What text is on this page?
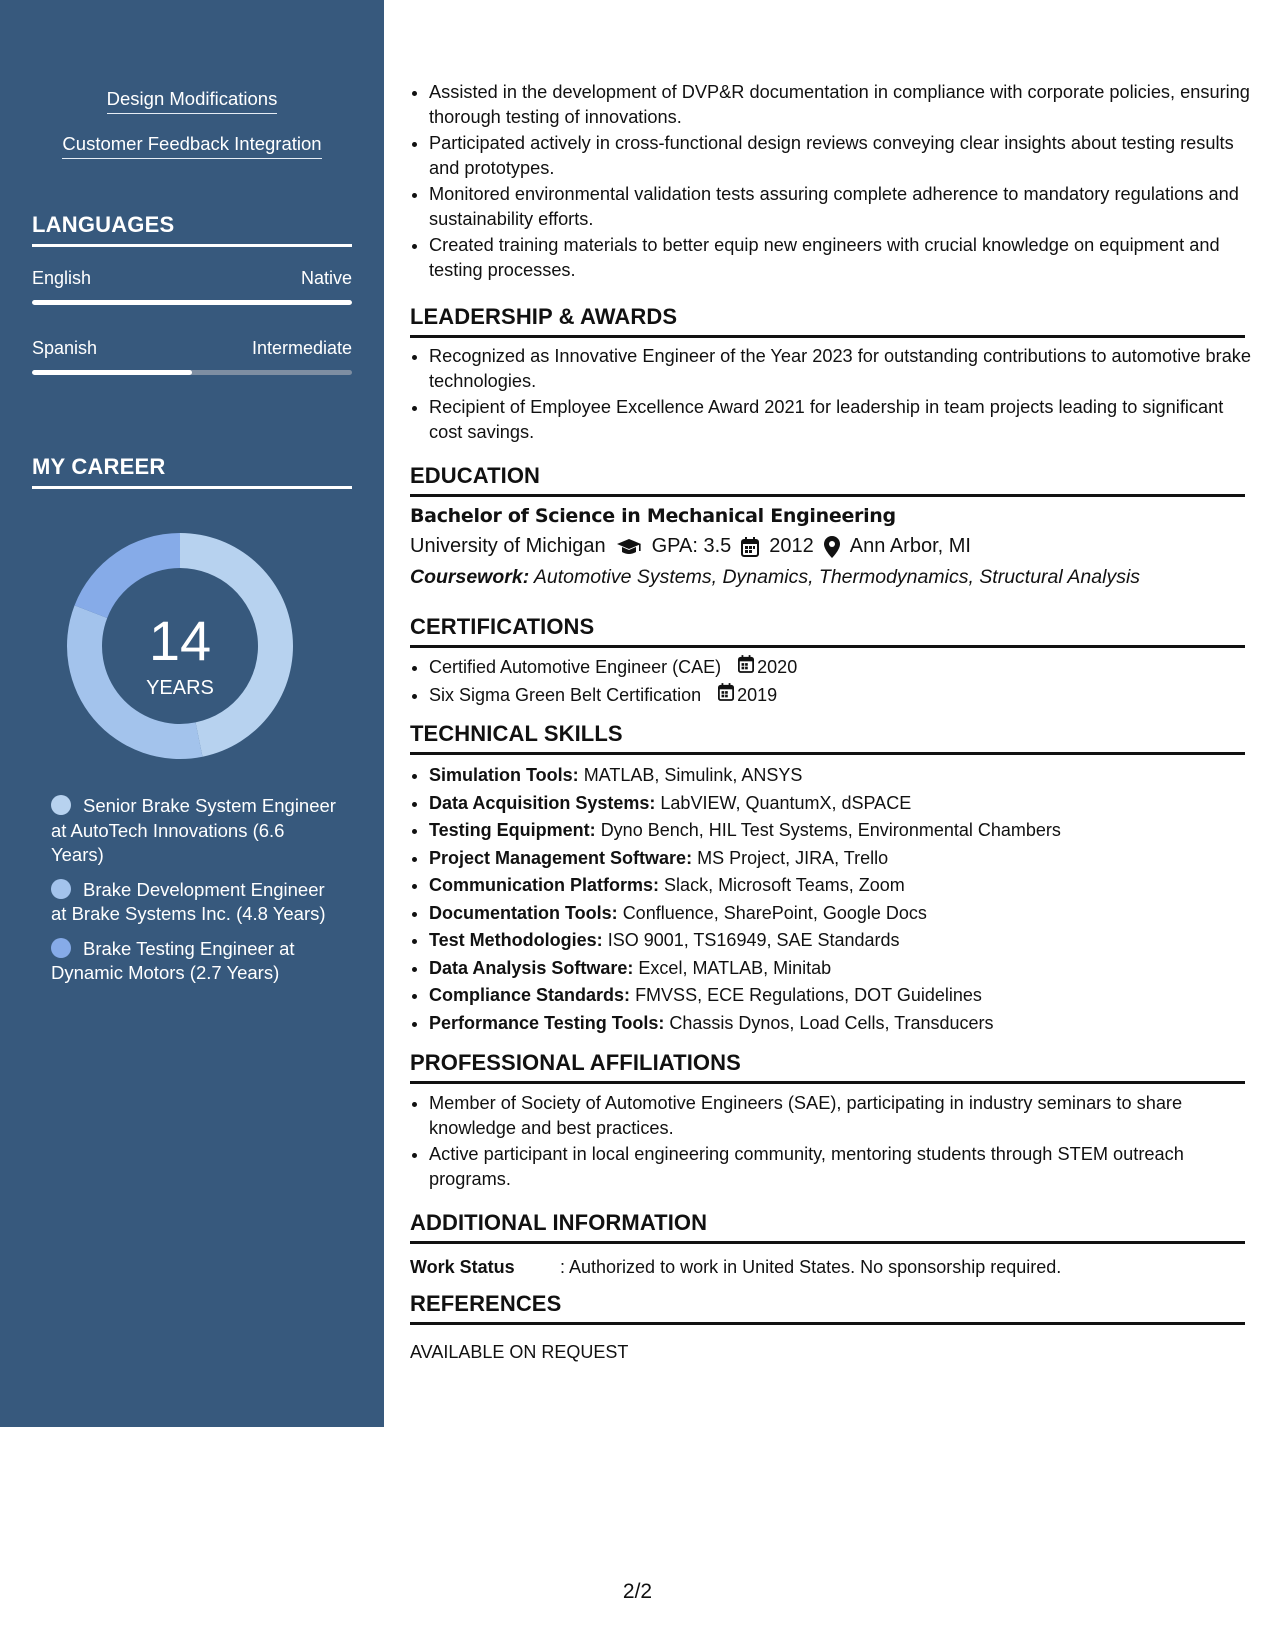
Design Modifications
Customer Feedback Integration
LANGUAGES
English	Native
Spanish	Intermediate
MY CAREER
14
YEARS
Senior Brake System Engineer at AutoTech Innovations (6.6 Years)
Brake Development Engineer at Brake Systems Inc. (4.8 Years)
Brake Testing Engineer at Dynamic Motors (2.7 Years)
• Assisted in the development of DVP&R documentation in compliance with corporate policies, ensuring thorough testing of innovations.
• Participated actively in cross-functional design reviews conveying clear insights about testing results and prototypes.
• Monitored environmental validation tests assuring complete adherence to mandatory regulations and sustainability efforts.
• Created training materials to better equip new engineers with crucial knowledge on equipment and testing processes.
LEADERSHIP & AWARDS
• Recognized as Innovative Engineer of the Year 2023 for outstanding contributions to automotive brake technologies.
• Recipient of Employee Excellence Award 2021 for leadership in team projects leading to significant cost savings.
EDUCATION
Bachelor of Science in Mechanical Engineering
University of Michigan GPA: 3.5 2012 Ann Arbor, MI
Coursework: Automotive Systems, Dynamics, Thermodynamics, Structural Analysis
CERTIFICATIONS
• Certified Automotive Engineer (CAE) 2020
• Six Sigma Green Belt Certification 2019
TECHNICAL SKILLS
• Simulation Tools: MATLAB, Simulink, ANSYS
• Data Acquisition Systems: LabVIEW, QuantumX, dSPACE
• Testing Equipment: Dyno Bench, HIL Test Systems, Environmental Chambers
• Project Management Software: MS Project, JIRA, Trello
• Communication Platforms: Slack, Microsoft Teams, Zoom
• Documentation Tools: Confluence, SharePoint, Google Docs
• Test Methodologies: ISO 9001, TS16949, SAE Standards
• Data Analysis Software: Excel, MATLAB, Minitab
• Compliance Standards: FMVSS, ECE Regulations, DOT Guidelines
• Performance Testing Tools: Chassis Dynos, Load Cells, Transducers
PROFESSIONAL AFFILIATIONS
• Member of Society of Automotive Engineers (SAE), participating in industry seminars to share knowledge and best practices.
• Active participant in local engineering community, mentoring students through STEM outreach programs.
ADDITIONAL INFORMATION
Work Status	: Authorized to work in United States. No sponsorship required.
REFERENCES
AVAILABLE ON REQUEST
2/2
